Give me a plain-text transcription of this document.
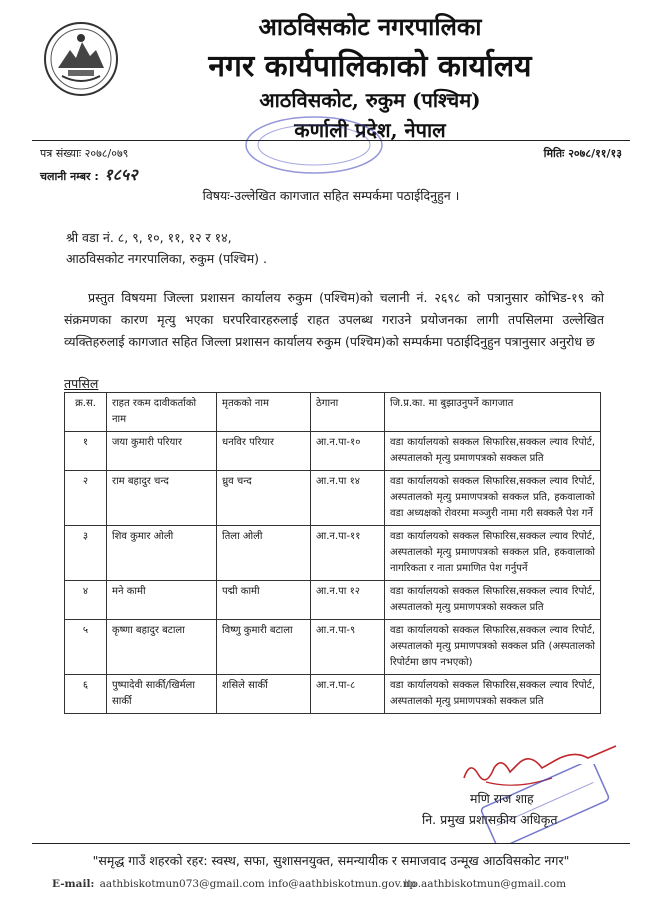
आठविसकोट नगरपालिका
नगर कार्यपालिकाको कार्यालय
आठविसकोट, रुकुम (पश्चिम)
कर्णाली प्रदेश, नेपाल
पत्र संख्याः २०७८/०७९
चलानी नम्बर : १८५२
मितिः २०७८/११/१३
विषयः-उल्लेखित कागजात सहित सम्पर्कमा पठाईदिनुहुन ।
श्री वडा नं. ८, ९, १०, ११, १२ र १४,
आठविसकोट नगरपालिका, रुकुम (पश्चिम) .
प्रस्तुत विषयमा जिल्ला प्रशासन कार्यालय रुकुम (पश्चिम)को चलानी नं. २६९८ को पत्रानुसार कोभिड-१९ को संक्रमणका कारण मृत्यु भएका घरपरिवारहरुलाई राहत उपलब्ध गराउने प्रयोजनका लागी तपसिलमा उल्लेखित व्यक्तिहरुलाई कागजात सहित जिल्ला प्रशासन कार्यालय रुकुम (पश्चिम)को सम्पर्कमा पठाईदिनुहुन पत्रानुसार अनुरोध छ
तपसिल
क्र.स.	राहत रकम दावीकर्ताको नाम	मृतकको नाम	ठेगाना	जि.प्र.का. मा बुझाउनुपर्ने कागजात
१	जया कुमारी परियार	धनविर परियार	आ.न.पा-१०	वडा कार्यालयको सक्कल सिफारिस,सक्कल ल्याव रिपोर्ट, अस्पतालको मृत्यु प्रमाणपत्रको सक्कल प्रति
२	राम बहादुर चन्द	ध्रुव चन्द	आ.न.पा १४	वडा कार्यालयको सक्कल सिफारिस,सक्कल ल्याव रिपोर्ट, अस्पतालको मृत्यु प्रमाणपत्रको सक्कल प्रति, हकवालाको वडा अध्यक्षको रोवरमा मञ्जुरी नामा गरी सक्कलै पेश गर्ने
३	शिव कुमार ओली	तिला ओली	आ.न.पा-११	वडा कार्यालयको सक्कल सिफारिस,सक्कल ल्याव रिपोर्ट, अस्पतालको मृत्यु प्रमाणपत्रको सक्कल प्रति, हकवालाको नागरिकता र नाता प्रमाणित पेश गर्नुपर्ने
४	मने कामी	पद्मी कामी	आ.न.पा १२	वडा कार्यालयको सक्कल सिफारिस,सक्कल ल्याव रिपोर्ट, अस्पतालको मृत्यु प्रमाणपत्रको सक्कल प्रति
५	कृष्णा बहादुर बटाला	विष्णु कुमारी बटाला	आ.न.पा-९	वडा कार्यालयको सक्कल सिफारिस,सक्कल ल्याव रिपोर्ट, अस्पतालको मृत्यु प्रमाणपत्रको सक्कल प्रति (अस्पतालको रिपोर्टमा छाप नभएको)
६	पुष्पादेवी सार्की/खिर्मला सार्की	शसिले सार्की	आ.न.पा-८	वडा कार्यालयको सक्कल सिफारिस,सक्कल ल्याव रिपोर्ट, अस्पतालको मृत्यु प्रमाणपत्रको सक्कल प्रति
मणि राज शाह
नि. प्रमुख प्रशासकीय अधिकृत
"समृद्ध गाउँ शहरको रहर: स्वस्थ, सफा, सुशासनयुक्त, समन्यायीक र समाजवाद उन्मूख आठविसकोट नगर"
E-mail: aathbiskotmun073@gmail.com info@aathbiskotmun.gov.np
ito.aathbiskotmun@gmail.com
